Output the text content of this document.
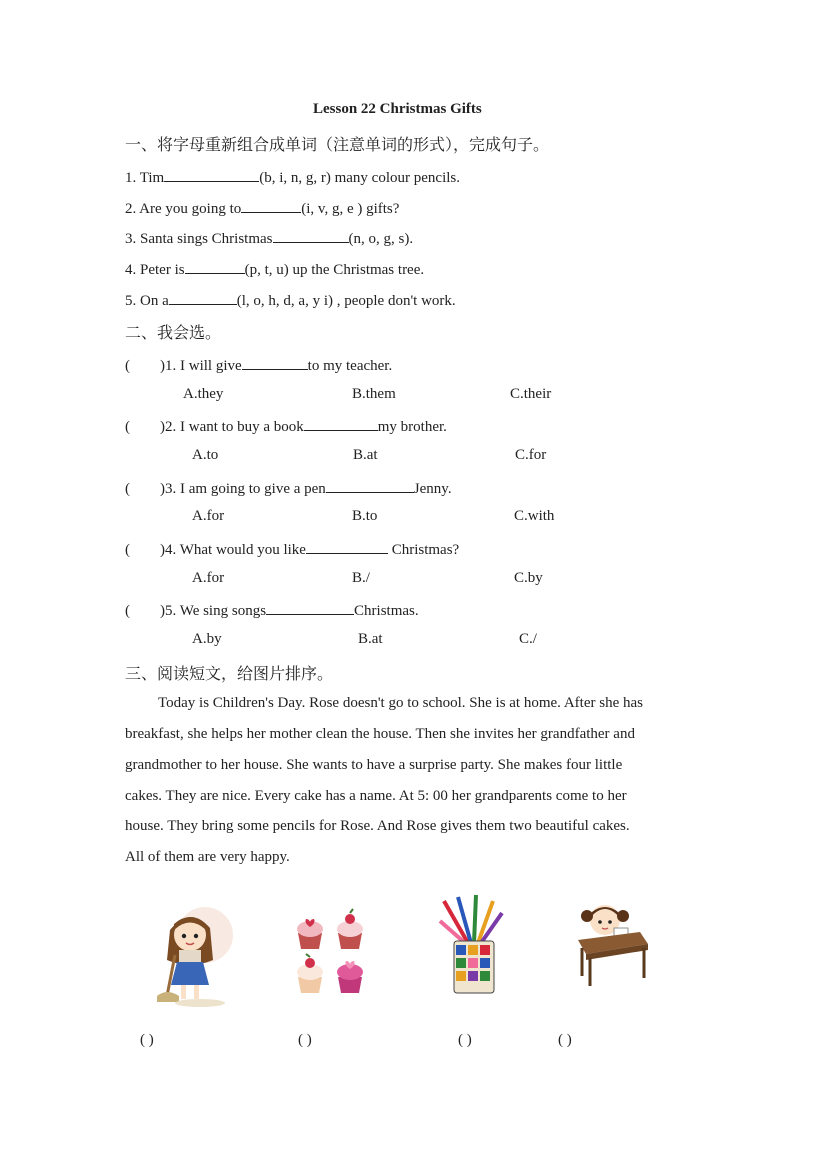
Lesson 22 Christmas Gifts
一、将字母重新组合成单词（注意单词的形式），完成句子。
1. Tim	(b, i, n, g, r) many colour pencils.
2. Are you going to	(i, v, g, e ) gifts?
3. Santa sings Christmas	(n, o, g, s).
4. Peter is	(p, t, u) up the Christmas tree.
5. On a	(l, o, h, d, a, y i) , people don't work.
二、我会选。
( )1. I will give	to my teacher.
A.they	B.them	C.their
( )2. I want to buy a book	my brother.
A.to	B.at	C.for
( )3. I am going to give a pen	Jenny.
A.for	B.to	C.with
( )4. What would you like	Christmas?
A.for	B./	C.by
( )5. We sing songs	Christmas.
A.by	B.at	C./
三、阅读短文，给图片排序。
Today is Children's Day. Rose doesn't go to school. She is at home. After she has
breakfast, she helps her mother clean the house. Then she invites her grandfather and
grandmother to her house. She wants to have a surprise party. She makes four little
cakes. They are nice. Every cake has a name. At 5: 00 her grandparents come to her
house. They bring some pencils for Rose. And Rose gives them two beautiful cakes.
All of them are very happy.
( )	( )	( )	( )
